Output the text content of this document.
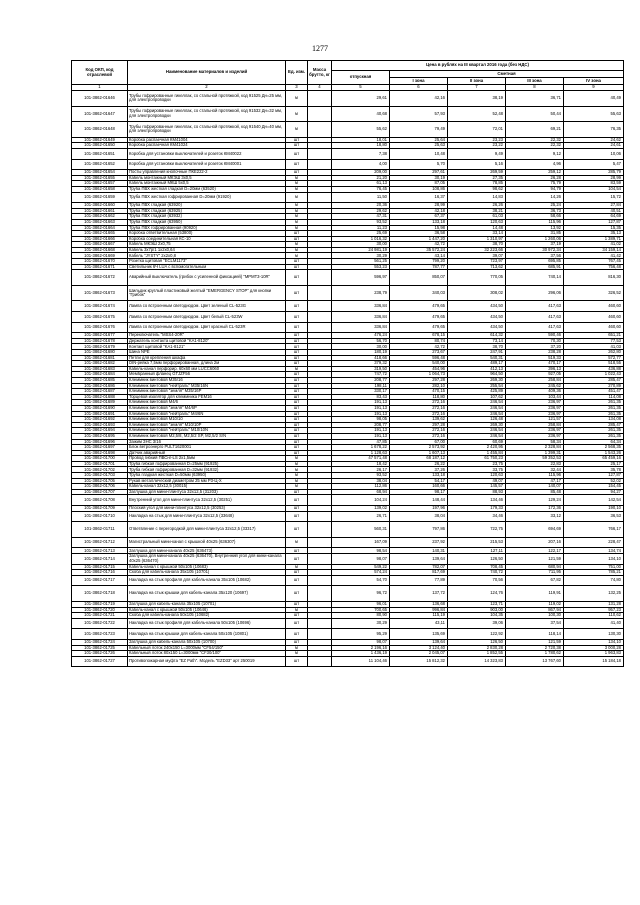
1277
Код ОКП, код отраслевой	Наименование материалов и изделий	Ед. изм.	Масса брутто, кг	Цена в рублях на III квартал 2016 года (без НДС)				
				отпускная	Сметная			
					I зона	II зона	III зона	IV зона
1	2	3	4	5	6	7	8	9
101-3862-01646	Трубы гофрированные гикеллак, со стальной протяжкой, код 91525 Дн=25 мм, для электропроводки	м		29,61	42,16	38,19	36,71	40,49
101-3862-01647	Трубы гофрированные гикеллак, со стальной протяжкой, код 91532 Дн=32 мм, для электропроводки	м		40,68	57,93	52,48	50,44	55,63
101-3862-01648	Трубы гофрированные гикеллак, со стальной протяжкой, код 91540 Дн=40 мм, для электропроводки	м		55,62	79,49	72,01	69,21	76,35
101-3862-01649	Коробка распаечная КМ41004	шт		18,01	25,64	23,23	22,32	24,62
101-3862-01650	Коробка распаечная КМ41024	шт		18,80	25,63	23,22	22,32	24,61
101-3862-01651	Коробка для установки выключателей и розеток КМ40022	шт		7,38	10,48	9,49	9,12	10,06
101-3862-01652	Коробка для установки выключателей и розеток КМ40001	шт		4,00	5,70	5,16	4,96	5,47
101-3862-01654	Посты управления кнопочные ПКЕ222-2	шт		209,00	297,61	269,59	259,12	285,79
101-3862-01655	Кабель монтажный МКЭШ 3х0,5	м		21,20	30,19	27,35	26,28	28,99
101-3862-01657	Кабель монтажный МКШ 5х0,5	м		61,13	87,05	78,85	75,79	83,59
101-3862-01658	Труба ПВХ жесткая гладкая D=20мм (63520)	м		76,45	108,86	98,62	94,79	104,54
101-3862-01659	Труба ПВХ жесткая гофрированная D=20мм (91920)	м		11,50	16,37	14,83	14,26	15,72
101-3862-01660	Труба ПВХ гладкая (63920)	м		20,36	28,99	26,26	25,24	27,84
101-3862-01661	Труба ПВХ гладкая (63925)	м		29,62	42,18	38,21	36,73	40,51
101-3862-01662	Труба ПВХ гладкая (63932)	м		47,31	67,37	61,03	58,66	64,69
101-3862-01663	Труба ПВХ гладкая (63950)	м		93,52	133,18	120,63	115,96	127,87
101-3862-01664	Труба ПВХ гофрированная (90920)	м		11,23	15,98	14,48	13,92	15,35
101-3862-01665	Коробка ответвительная (53800)	шт		25,69	36,58	33,14	31,85	35,13
101-3862-01666	Коробка соединительная КС-10	шт		1 016,32	1 447,20	1 310,97	1 260,06	1 389,71
101-3862-01667	Кабель МКЭШ 2х0,75	м		30,00	42,72	38,70	37,19	41,02
101-3862-01668	Кабель 3х7р/1 1х2х0,64	м		24 981,19	35 572,24	32 223,66	30 972,34	34 159,14
101-3862-01669	Кабель "JYSTY" 2х2х0,8	м		30,29	43,14	39,07	37,56	41,42
101-3862-01670	Розетка щитовая "ECLM1173"	шт		561,25	799,20	723,97	695,85	767,45
101-3862-01671	Светильник 6Ч LUA с вспомогательным	шт		553,23	787,77	713,62	685,91	756,48
101-3862-01672	Аварийный выключатель (грибок с усиленной фиксацией) "MPMT3-10R"	шт		596,97	850,07	770,05	740,14	816,30
101-3862-01673	Шильдик круглый пластиковый желтый "EMERGENCY STOP" для кнопки "Грибок"	шт		238,79	340,03	308,02	296,06	326,52
101-3862-01674	Лампа со встроенным светодиодом. Цвет зеленый CL-523G	шт		336,84	479,65	434,50	417,63	460,60
101-3862-01675	Лампа со встроенным светодиодом. Цвет белый CL-523W	шт		336,84	479,65	434,50	417,63	460,60
101-3862-01676	Лампа со встроенным светодиодом. Цвет красный CL-523R	шт		336,84	479,65	434,50	417,63	460,60
101-3862-01677	Переключатель "MSS4-20R"	шт		476,24	678,15	614,32	590,46	651,21
101-3862-01678	Держатель контакта щитовой "KA1-8120"	шт		56,70	80,74	73,14	70,30	77,53
101-3862-01679	Контакт щитовой "KA1-8121"	шт		30,00	42,72	38,70	37,20	41,03
101-3862-01680	Шина NPE	шт		180,19	273,67	247,91	238,28	262,80
101-3862-01681	Петли для крепления шкафа	шт		418,66	596,48	540,31	519,33	572,77
101-3862-01682	DIN-рейка 7,5мм перфорированная, длина 2м	шт		379,32	540,00	489,17	470,17	518,55
101-3862-01683	Кабель-канал перфорир. 60х60 мм LUCC6060	м		319,50	454,96	412,13	396,13	436,88
101-3862-01684	Мембранный фланец GTJZF56	шт		747,72	1 064,73	964,50	927,05	1 022,43
101-3862-01685	Клеммник винтовой M35/16	шт		208,77	297,28	269,30	258,84	285,47
101-3862-01686	Клеммник винтовой "нейтраль" M35/16N	шт		198,11	282,10	255,54	245,62	270,89
101-3862-01687	Клеммник винтовой "земля" M35/16P	шт		330,17	470,15	425,89	409,36	451,47
101-3862-01688	Торцевой изолятор для клеммника FEM16	шт		83,43	118,80	107,62	103,44	114,08
101-3862-01689	Клеммник винтовой M4/6	шт		191,13	272,16	246,54	236,97	261,35
101-3862-01690	Клеммник винтовой "земля" M4/6P	шт		191,13	272,16	246,54	236,97	261,35
101-3862-01691	Клеммник винтовой "нейтраль" M4/6N	шт		191,13	272,16	246,54	236,97	261,35
101-3862-01692	Клеммник винтовой M10/10	шт		98,05	139,62	126,48	121,57	134,08
101-3862-01693	Клеммник винтовой "земля" M10/10P	шт		208,77	297,28	269,30	258,84	285,47
101-3862-01694	Клеммник винтовой "нейтраль" M10/10N	шт		191,13	272,16	246,54	236,97	261,35
101-3862-01695	Клеммник винтовой M2,5/8, M2,5/2 SP, M2,5/2 S/N	шт		191,13	272,16	246,54	236,97	261,35
101-3862-01696	Зажим ЗНС 3/16	шт		47,85	67,00	60,69	58,34	64,34
101-3862-01697	Блок ветроэнерго PULT1620001	шт		1 678,22	2 573,92	2 420,95	2 328,84	2 568,35
101-3862-01698	Датчик аварийный	шт		1 128,63	1 607,13	1 455,84	1 399,31	1 543,26
101-3862-01700	Провод гибкий ПВСнг-LS 2х1,5мм	м		47 571,48	68 187,12	61 750,23	59 352,53	65 459,16
101-3862-01701	Труба гибкая гофрированная D=25мм (91925)	м		18,42	26,22	23,75	22,83	25,17
101-3862-01702	Труба гибкая гофрированная D=32мм (91932)	м		26,17	37,26	33,75	32,44	35,78
101-3862-01703	Труба гладкая жесткая D=50мм (63950)	м		93,52	133,18	120,63	115,96	127,87
101-3862-01705	Рукав металлический диаметром 25 мм Р3-Ц-Х	м		38,04	54,17	49,07	47,17	52,02
101-3862-01706	Кабель-канал 32х12,5 (30015)	м		112,86	160,66	145,57	140,07	154,45
101-3862-01707	Заглушка для мини-плинтуса 32х12,5 (31203)	шт		68,94	98,17	88,93	85,48	94,27
101-3862-01708	Внутренний угол для мини-плинтуса 32х12,5 (30251)	шт		104,24	148,44	134,46	129,24	142,54
101-3862-01709	Плоский угол для мини-плинтуса 32х12,5 (30253)	шт		139,02	197,96	179,33	172,36	190,10
101-3862-01710	Накладка на стык для мини-плинтуса 32х12,5 (33648)	шт		26,71	38,04	34,46	33,12	36,53
101-3862-01711	Ответвление с перегородкой для мини-плинтуса 32х12,5 (33317)	шт		560,31	797,86	722,75	694,69	766,17
101-3862-01712	Магистральный мини-канал с крышкой 40х25 (636307)	м		167,09	237,92	215,53	207,16	228,47
101-3862-01713	Заглушка для мини-канала 40х25 (636473)	шт		98,54	140,31	127,11	122,17	134,74
101-3862-01714	Заглушка для мини-канала 40х25 (636470), Внутренний угол для мини-канала 40х25 (636470)	шт		98,07	139,64	126,50	121,59	134,10
101-3862-01715	Кабель-канал с крышкой 50х105 (10683)	м		549,22	782,07	708,45	680,94	751,00
101-3862-01716	Скоба для кабель-канала 35х105 (10701)	шт		574,24	817,69	740,72	711,95	785,21
101-3862-01717	Накладка на стык профиля для кабель-канала 35х105 (10682)	шт		54,70	77,89	70,56	67,82	74,80
101-3862-01718	Накладка на стык крышки для кабель-канала 35х120 (10697)	шт		96,72	137,72	124,76	119,91	132,25
101-3862-01719	Заглушка для кабель-канала 35х105 (10701)	шт		96,01	136,68	123,71	119,02	131,28
101-3862-01720	Кабель-канал с крышкой 50х105 (10646)	м		700,65	996,84	903,00	867,94	957,23
101-3862-01721	Скоба для кабель-канала 50х105 (10682)	шт		80,90	115,19	104,35	100,30	110,62
101-3862-01722	Накладка на стык профиля для кабель-канала 50х105 (10696)	шт		30,29	43,11	39,06	37,54	41,40
101-3862-01723	Накладка на стык крышки для кабель-канала 50х105 (10801)	шт		95,29	135,69	122,92	118,14	130,30
101-3862-01724	Заглушка для кабель-канала 50х105 (10700)	шт		98,07	139,64	126,50	121,59	134,10
101-3862-01725	Кабельный лоток 240х150 L=3000мм "CF54/150"	м		2 196,16	3 124,40	2 830,28	2 720,38	3 000,28
101-3862-01726	Кабельный лоток 80х150 L=3000мм "CF30/100"	м		1 436,19	2 045,07	1 852,55	1 780,62	1 963,83
101-3862-01727	Противопожарная муфта "EZ Path". Модель "EZD33" арт 250019	шт		11 104,46	15 812,32	14 323,83	13 767,60	15 184,18
